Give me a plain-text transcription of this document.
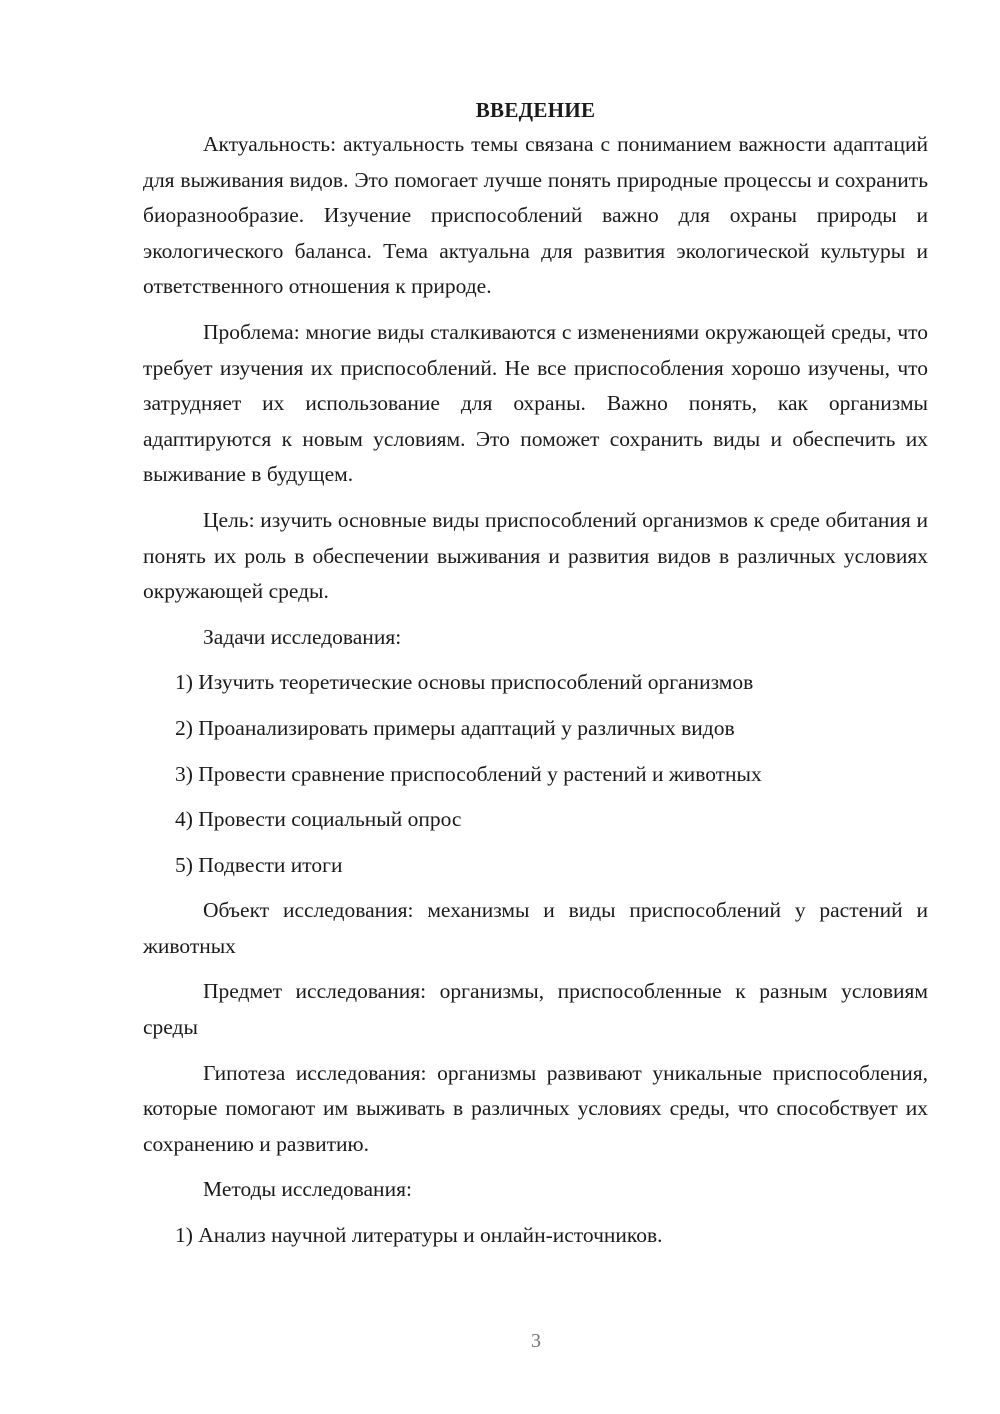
ВВЕДЕНИЕ

Актуальность: актуальность темы связана с пониманием важности адаптаций для выживания видов. Это помогает лучше понять природные процессы и сохранить биоразнообразие. Изучение приспособлений важно для охраны природы и экологического баланса. Тема актуальна для развития экологической культуры и ответственного отношения к природе.

Проблема: многие виды сталкиваются с изменениями окружающей среды, что требует изучения их приспособлений. Не все приспособления хорошо изучены, что затрудняет их использование для охраны. Важно понять, как организмы адаптируются к новым условиям. Это поможет сохранить виды и обеспечить их выживание в будущем.

Цель: изучить основные виды приспособлений организмов к среде обитания и понять их роль в обеспечении выживания и развития видов в различных условиях окружающей среды.

Задачи исследования:
1) Изучить теоретические основы приспособлений организмов
2) Проанализировать примеры адаптаций у различных видов
3) Провести сравнение приспособлений у растений и животных
4) Провести социальный опрос
5) Подвести итоги

Объект исследования: механизмы и виды приспособлений у растений и животных

Предмет исследования: организмы, приспособленные к разным условиям среды

Гипотеза исследования: организмы развивают уникальные приспособления, которые помогают им выживать в различных условиях среды, что способствует их сохранению и развитию.

Методы исследования:
1) Анализ научной литературы и онлайн-источников.
3
